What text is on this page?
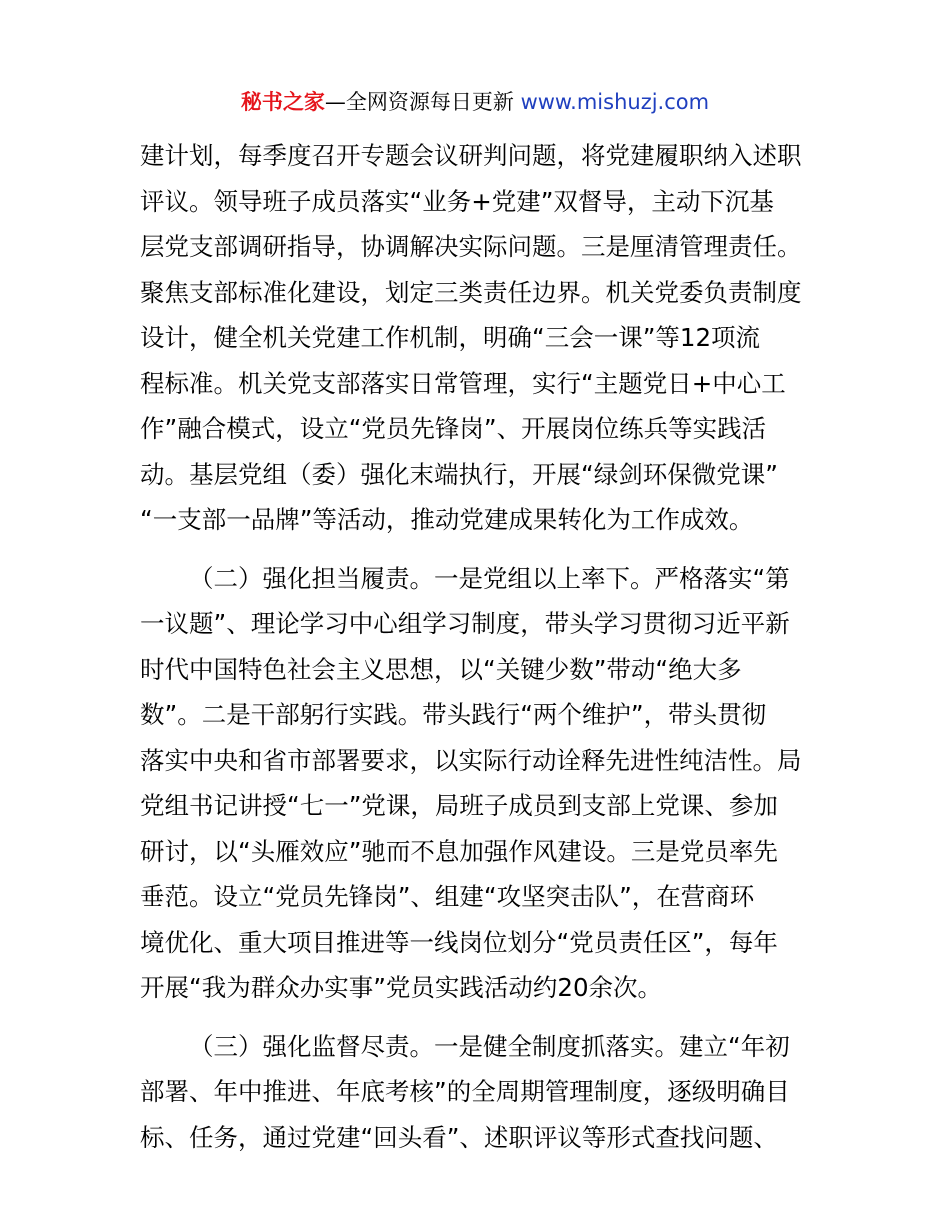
秘书之家—全网资源每日更新 www.mishuzj.com
建计划，每季度召开专题会议研判问题，将党建履职纳入述职
评议。领导班子成员落实“业务+党建”双督导，主动下沉基
层党支部调研指导，协调解决实际问题。三是厘清管理责任。
聚焦支部标准化建设，划定三类责任边界。机关党委负责制度
设计，健全机关党建工作机制，明确“三会一课”等12项流
程标准。机关党支部落实日常管理，实行“主题党日+中心工
作”融合模式，设立“党员先锋岗”、开展岗位练兵等实践活
动。基层党组（委）强化末端执行，开展“绿剑环保微党课”
“一支部一品牌”等活动，推动党建成果转化为工作成效。
（二）强化担当履责。一是党组以上率下。严格落实“第
一议题”、理论学习中心组学习制度，带头学习贯彻习近平新
时代中国特色社会主义思想，以“关键少数”带动“绝大多
数”。二是干部躬行实践。带头践行“两个维护”，带头贯彻
落实中央和省市部署要求，以实际行动诠释先进性纯洁性。局
党组书记讲授“七一”党课，局班子成员到支部上党课、参加
研讨，以“头雁效应”驰而不息加强作风建设。三是党员率先
垂范。设立“党员先锋岗”、组建“攻坚突击队”，在营商环
境优化、重大项目推进等一线岗位划分“党员责任区”，每年
开展“我为群众办实事”党员实践活动约20余次。
（三）强化监督尽责。一是健全制度抓落实。建立“年初
部署、年中推进、年底考核”的全周期管理制度，逐级明确目
标、任务，通过党建“回头看”、述职评议等形式查找问题、
